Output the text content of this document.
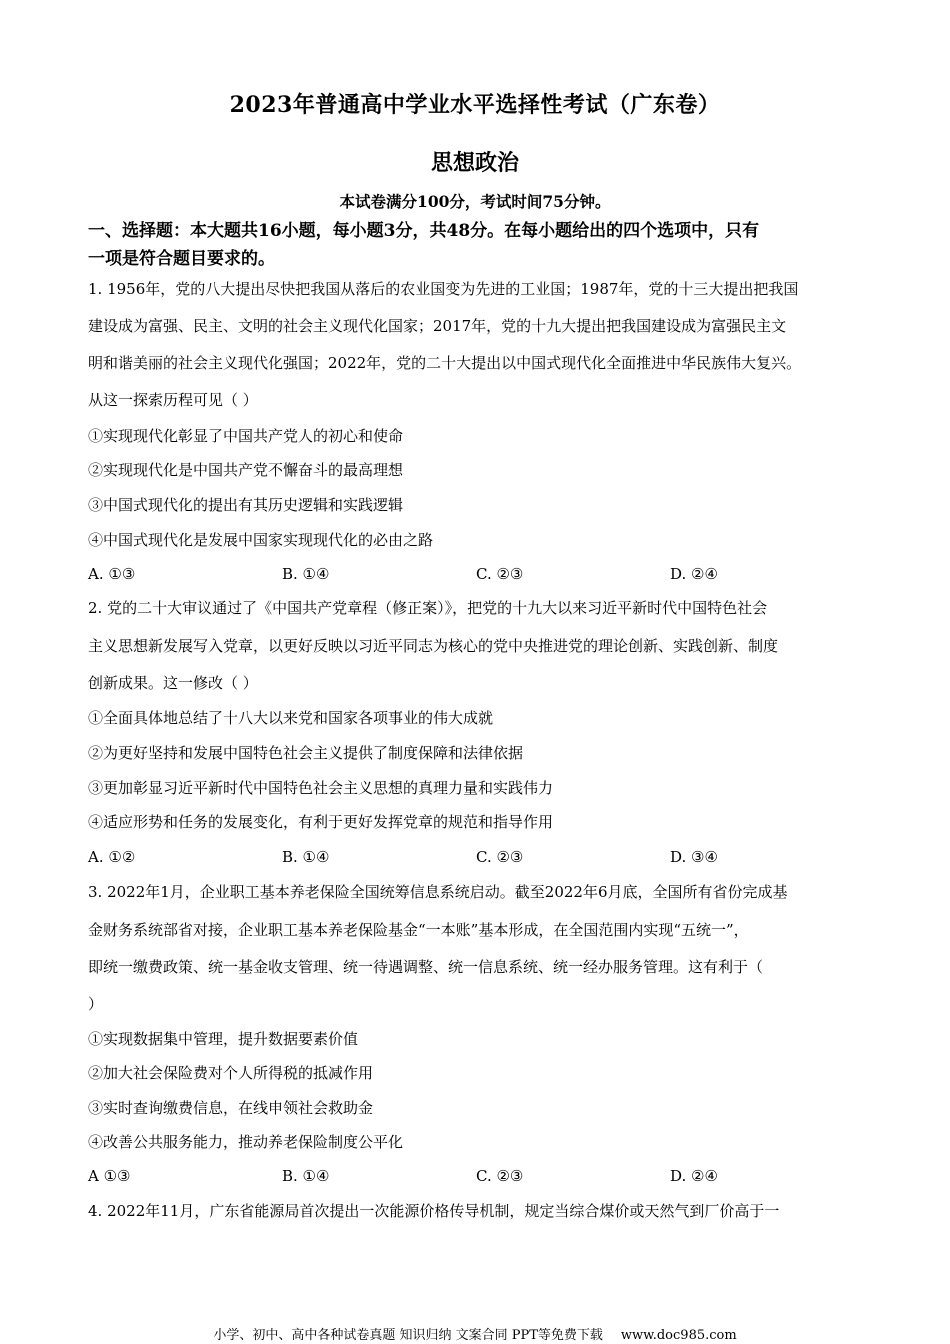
2023年普通高中学业水平选择性考试（广东卷）
思想政治
本试卷满分100分，考试时间75分钟。
一、选择题：本大题共16小题，每小题3分，共48分。在每小题给出的四个选项中，只有
一项是符合题目要求的。
1. 1956年，党的八大提出尽快把我国从落后的农业国变为先进的工业国；1987年，党的十三大提出把我国
建设成为富强、民主、文明的社会主义现代化国家；2017年，党的十九大提出把我国建设成为富强民主文
明和谐美丽的社会主义现代化强国；2022年，党的二十大提出以中国式现代化全面推进中华民族伟大复兴。
从这一探索历程可见（ ）
①实现现代化彰显了中国共产党人的初心和使命
②实现现代化是中国共产党不懈奋斗的最高理想
③中国式现代化的提出有其历史逻辑和实践逻辑
④中国式现代化是发展中国家实现现代化的必由之路
A. ①③	B. ①④	C. ②③	D. ②④
2. 党的二十大审议通过了《中国共产党章程（修正案）》，把党的十九大以来习近平新时代中国特色社会
主义思想新发展写入党章，以更好反映以习近平同志为核心的党中央推进党的理论创新、实践创新、制度
创新成果。这一修改（ ）
①全面具体地总结了十八大以来党和国家各项事业的伟大成就
②为更好坚持和发展中国特色社会主义提供了制度保障和法律依据
③更加彰显习近平新时代中国特色社会主义思想的真理力量和实践伟力
④适应形势和任务的发展变化，有利于更好发挥党章的规范和指导作用
A. ①②	B. ①④	C. ②③	D. ③④
3. 2022年1月，企业职工基本养老保险全国统筹信息系统启动。截至2022年6月底，全国所有省份完成基
金财务系统部省对接，企业职工基本养老保险基金“一本账”基本形成，在全国范围内实现“五统一”，
即统一缴费政策、统一基金收支管理、统一待遇调整、统一信息系统、统一经办服务管理。这有利于（
）
①实现数据集中管理，提升数据要素价值
②加大社会保险费对个人所得税的抵减作用
③实时查询缴费信息，在线申领社会救助金
④改善公共服务能力，推动养老保险制度公平化
A ①③	B. ①④	C. ②③	D. ②④
4. 2022年11月，广东省能源局首次提出一次能源价格传导机制，规定当综合煤价或天然气到厂价高于一
小学、初中、高中各种试卷真题 知识归纳 文案合同 PPT等免费下载 www.doc985.com
